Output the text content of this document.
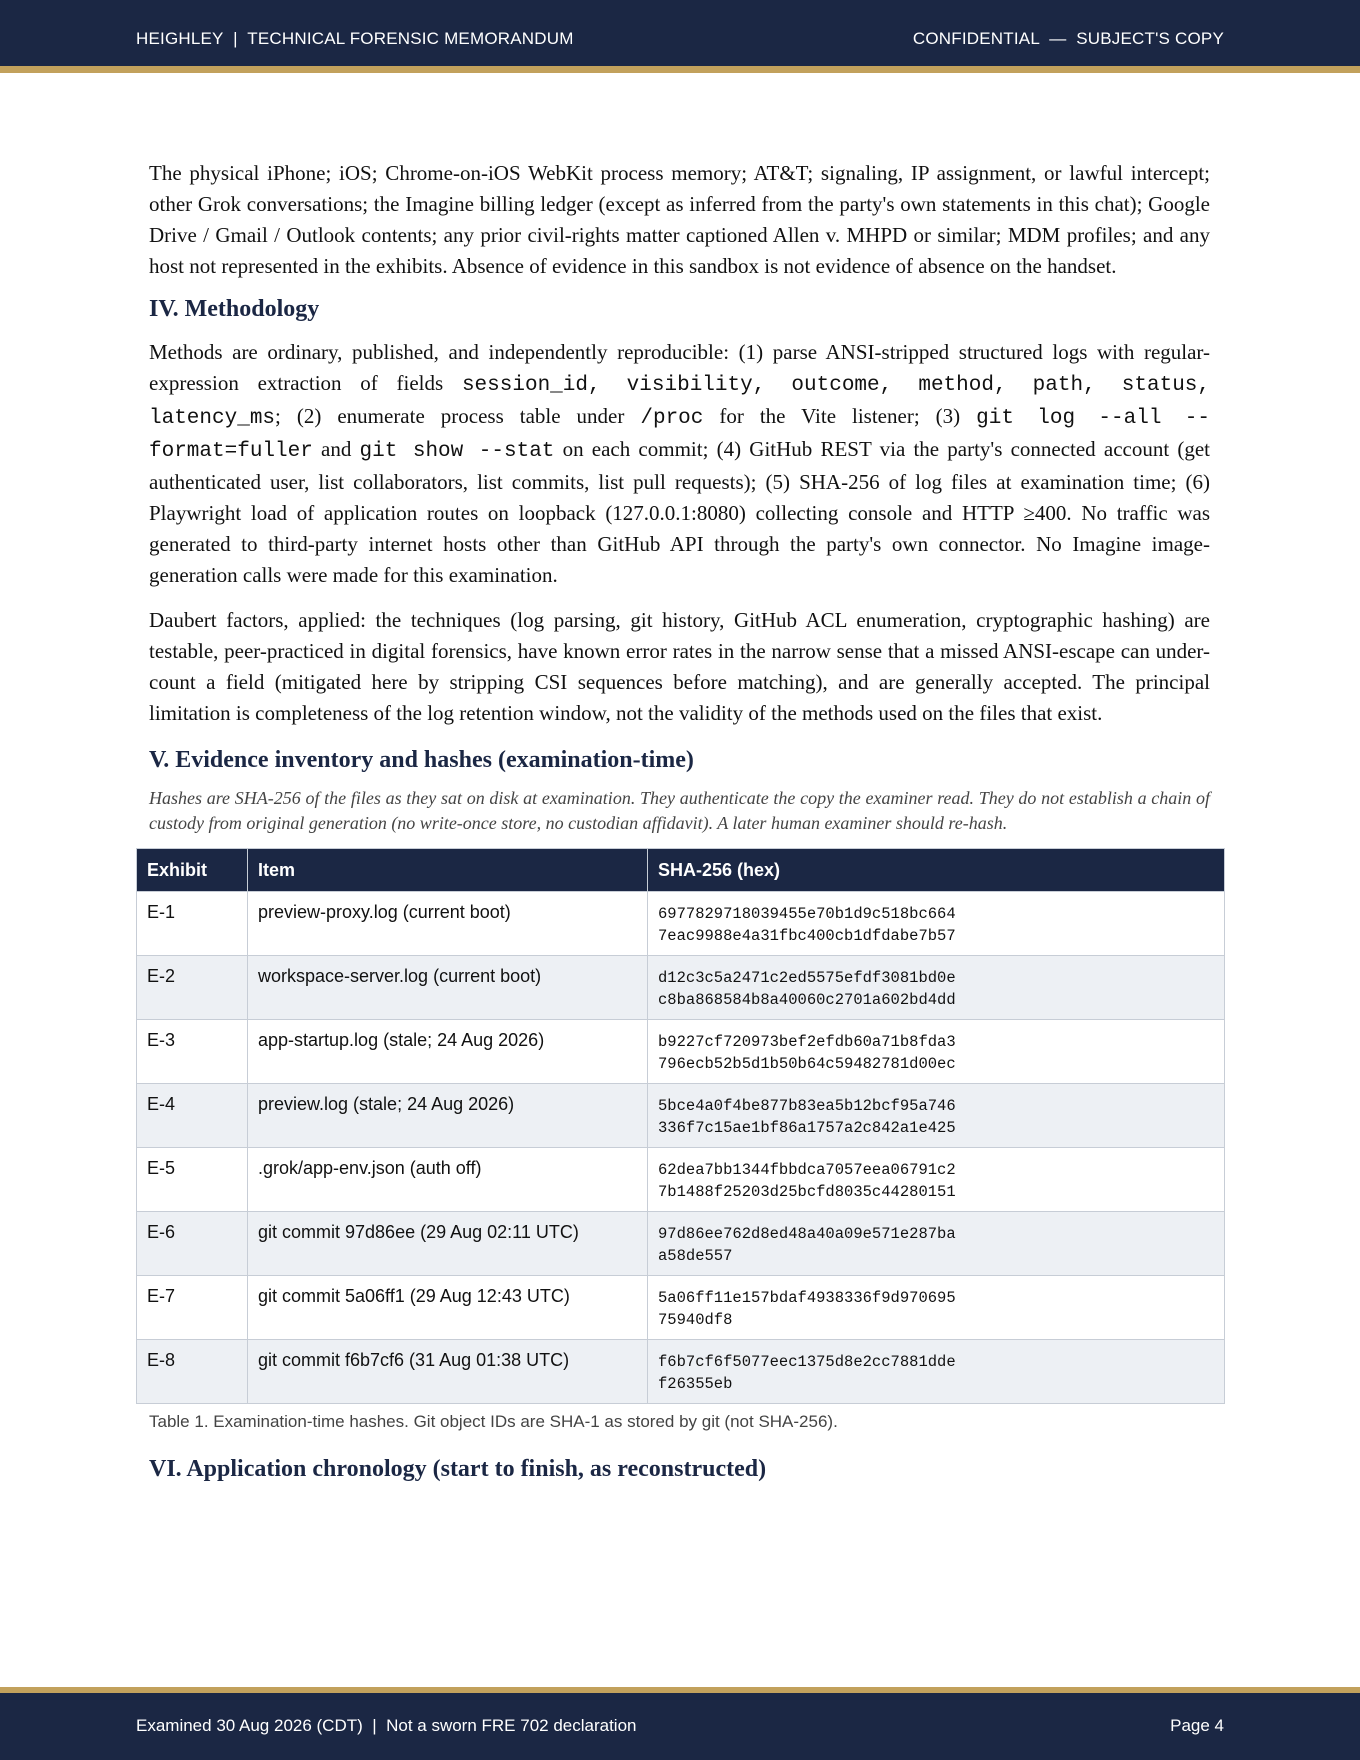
HEIGHLEY  |  TECHNICAL FORENSIC MEMORANDUM	CONFIDENTIAL  —  SUBJECT'S COPY

The physical iPhone; iOS; Chrome-on-iOS WebKit process memory; AT&T; signaling, IP assignment, or lawful intercept; other Grok conversations; the Imagine billing ledger (except as inferred from the party's own statements in this chat); Google Drive / Gmail / Outlook contents; any prior civil-rights matter captioned Allen v. MHPD or similar; MDM profiles; and any host not represented in the exhibits. Absence of evidence in this sandbox is not evidence of absence on the handset.

IV. Methodology

Methods are ordinary, published, and independently reproducible: (1) parse ANSI-stripped structured logs with regular-expression extraction of fields session_id, visibility, outcome, method, path, status, latency_ms; (2) enumerate process table under /proc for the Vite listener; (3) git log --all --format=fuller and git show --stat on each commit; (4) GitHub REST via the party's connected account (get authenticated user, list collaborators, list commits, list pull requests); (5) SHA-256 of log files at examination time; (6) Playwright load of application routes on loopback (127.0.0.1:8080) collecting console and HTTP ≥400. No traffic was generated to third-party internet hosts other than GitHub API through the party's own connector. No Imagine image-generation calls were made for this examination.

Daubert factors, applied: the techniques (log parsing, git history, GitHub ACL enumeration, cryptographic hashing) are testable, peer-practiced in digital forensics, have known error rates in the narrow sense that a missed ANSI-escape can under-count a field (mitigated here by stripping CSI sequences before matching), and are generally accepted. The principal limitation is completeness of the log retention window, not the validity of the methods used on the files that exist.

V. Evidence inventory and hashes (examination-time)

Hashes are SHA-256 of the files as they sat on disk at examination. They authenticate the copy the examiner read. They do not establish a chain of custody from original generation (no write-once store, no custodian affidavit). A later human examiner should re-hash.

Exhibit	Item	SHA-256 (hex)
E-1	preview-proxy.log (current boot)	6977829718039455e70b1d9c518bc664
7eac9988e4a31fbc400cb1dfdabe7b57

E-2	workspace-server.log (current boot)	d12c3c5a2471c2ed5575efdf3081bd0e
c8ba868584b8a40060c2701a602bd4dd

E-3	app-startup.log (stale; 24 Aug 2026)	b9227cf720973bef2efdb60a71b8fda3
796ecb52b5d1b50b64c59482781d00ec

E-4	preview.log (stale; 24 Aug 2026)	5bce4a0f4be877b83ea5b12bcf95a746
336f7c15ae1bf86a1757a2c842a1e425

E-5	.grok/app-env.json (auth off)	62dea7bb1344fbbdca7057eea06791c2
7b1488f25203d25bcfd8035c44280151

E-6	git commit 97d86ee (29 Aug 02:11 UTC)	97d86ee762d8ed48a40a09e571e287ba
a58de557

E-7	git commit 5a06ff1 (29 Aug 12:43 UTC)	5a06ff11e157bdaf4938336f9d970695
75940df8

E-8	git commit f6b7cf6 (31 Aug 01:38 UTC)	f6b7cf6f5077eec1375d8e2cc7881dde
f26355eb

Table 1. Examination-time hashes. Git object IDs are SHA-1 as stored by git (not SHA-256).

VI. Application chronology (start to finish, as reconstructed)
Examined 30 Aug 2026 (CDT)  |  Not a sworn FRE 702 declaration	Page 4
